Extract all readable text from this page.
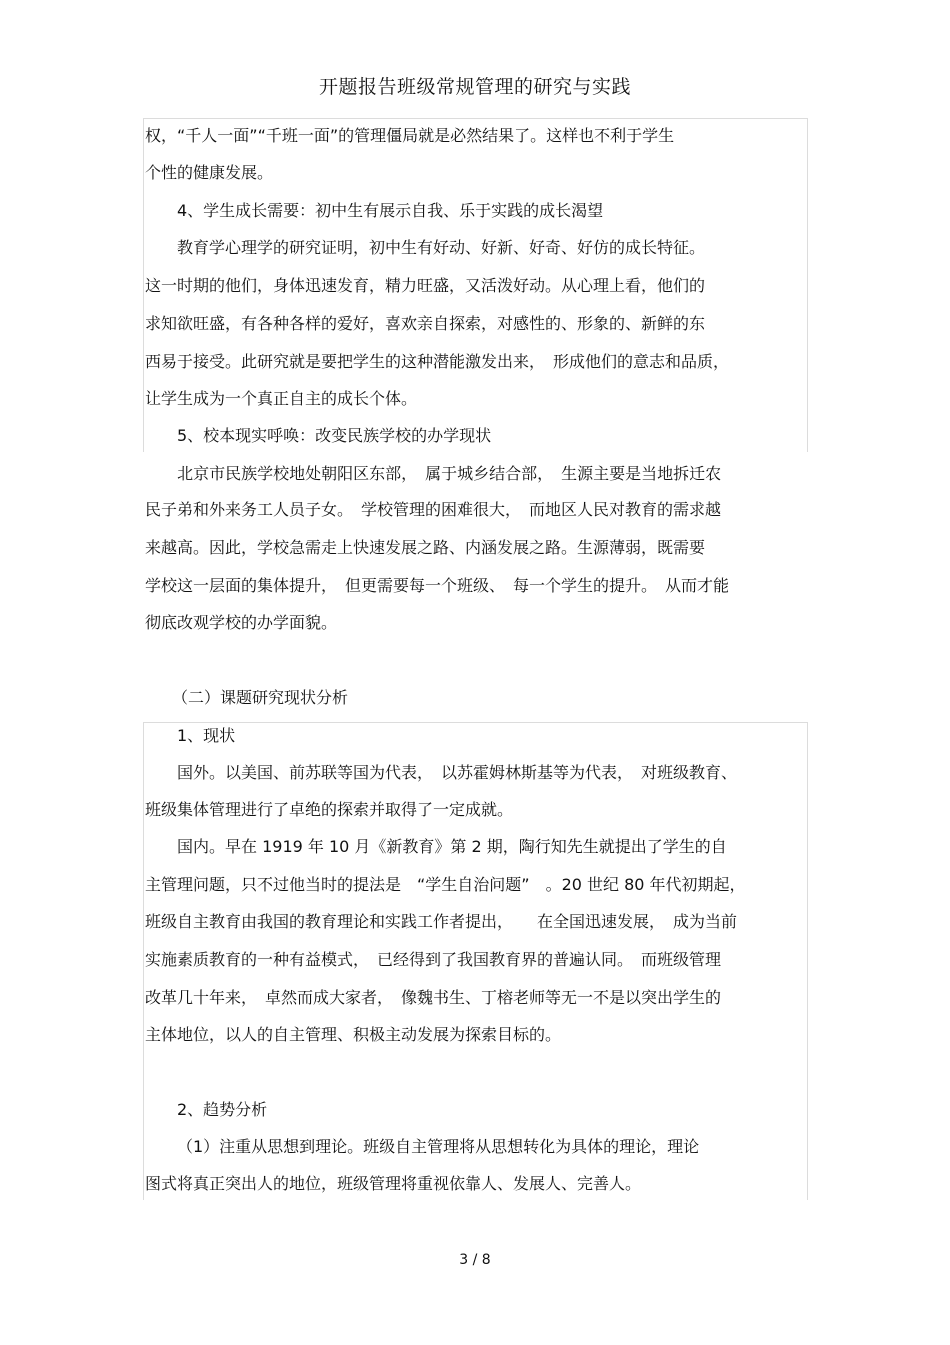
开题报告班级常规管理的研究与实践
权，“千人一面”“千班一面”的管理僵局就是必然结果了。这样也不利于学生
个性的健康发展。
4、学生成长需要：初中生有展示自我、乐于实践的成长渴望
教育学心理学的研究证明，初中生有好动、好新、好奇、好仿的成长特征。
这一时期的他们，身体迅速发育，精力旺盛，又活泼好动。从心理上看，他们的
求知欲旺盛，有各种各样的爱好，喜欢亲自探索，对感性的、形象的、新鲜的东
西易于接受。此研究就是要把学生的这种潜能激发出来，　形成他们的意志和品质，
让学生成为一个真正自主的成长个体。
5、校本现实呼唤：改变民族学校的办学现状
北京市民族学校地处朝阳区东部，　属于城乡结合部，　生源主要是当地拆迁农
民子弟和外来务工人员子女。　学校管理的困难很大，　而地区人民对教育的需求越
来越高。因此，学校急需走上快速发展之路、内涵发展之路。生源薄弱，既需要
学校这一层面的集体提升，　但更需要每一个班级、　每一个学生的提升。　从而才能
彻底改观学校的办学面貌。
（二）课题研究现状分析
1、现状
国外。以美国、前苏联等国为代表，　以苏霍姆林斯基等为代表，　对班级教育、
班级集体管理进行了卓绝的探索并取得了一定成就。
国内。早在 1919 年 10 月《新教育》第 2 期，陶行知先生就提出了学生的自
主管理问题，只不过他当时的提法是　“学生自治问题”　。20 世纪 80 年代初期起，
班级自主教育由我国的教育理论和实践工作者提出，　　在全国迅速发展，　成为当前
实施素质教育的一种有益模式，　已经得到了我国教育界的普遍认同。　而班级管理
改革几十年来，　卓然而成大家者，　像魏书生、丁榕老师等无一不是以突出学生的
主体地位，以人的自主管理、积极主动发展为探索目标的。
2、趋势分析
（1）注重从思想到理论。班级自主管理将从思想转化为具体的理论，理论
图式将真正突出人的地位，班级管理将重视依靠人、发展人、完善人。
3 / 8
